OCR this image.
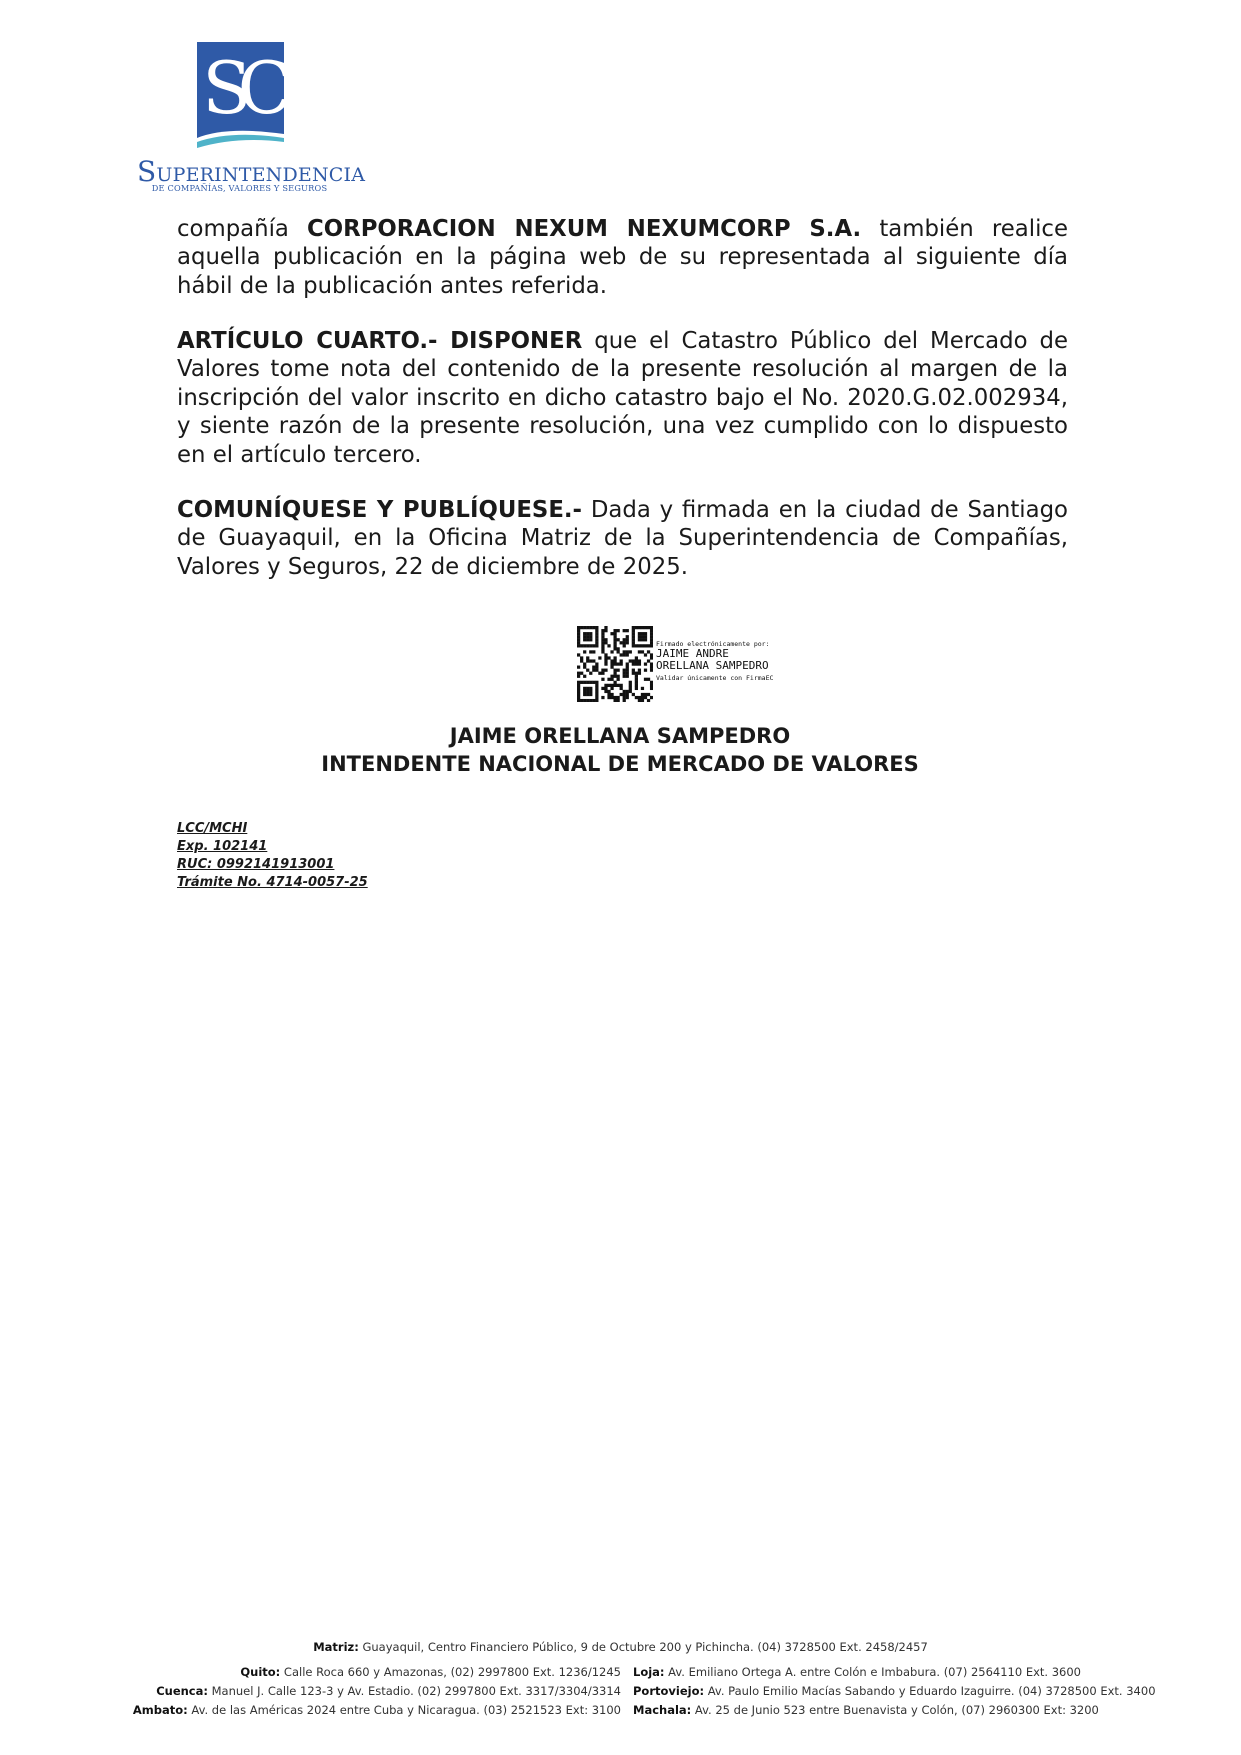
SC
SUPERINTENDENCIA
DE COMPAÑÍAS, VALORES Y SEGUROS
compañía CORPORACION NEXUM NEXUMCORP S.A. también realice aquella publicación en la página web de su representada al siguiente día hábil de la publicación antes referida.
ARTÍCULO CUARTO.- DISPONER que el Catastro Público del Mercado de Valores tome nota del contenido de la presente resolución al margen de la inscripción del valor inscrito en dicho catastro bajo el No. 2020.G.02.002934, y siente razón de la presente resolución, una vez cumplido con lo dispuesto en el artículo tercero.
COMUNÍQUESE Y PUBLÍQUESE.- Dada y firmada en la ciudad de Santiago de Guayaquil, en la Oficina Matriz de la Superintendencia de Compañías, Valores y Seguros, 22 de diciembre de 2025.
Firmado electrónicamente por:
JAIME ANDRE
ORELLANA SAMPEDRO
Validar únicamente con FirmaEC
JAIME ORELLANA SAMPEDRO
INTENDENTE NACIONAL DE MERCADO DE VALORES
LCC/MCHI
Exp. 102141
RUC: 0992141913001
Trámite No. 4714-0057-25
Matriz: Guayaquil, Centro Financiero Público, 9 de Octubre 200 y Pichincha. (04) 3728500 Ext. 2458/2457
Quito: Calle Roca 660 y Amazonas, (02) 2997800 Ext. 1236/1245 Loja: Av. Emiliano Ortega A. entre Colón e Imbabura. (07) 2564110 Ext. 3600
Cuenca: Manuel J. Calle 123-3 y Av. Estadio. (02) 2997800 Ext. 3317/3304/3314 Portoviejo: Av. Paulo Emilio Macías Sabando y Eduardo Izaguirre. (04) 3728500 Ext. 3400
Ambato: Av. de las Américas 2024 entre Cuba y Nicaragua. (03) 2521523 Ext: 3100 Machala: Av. 25 de Junio 523 entre Buenavista y Colón, (07) 2960300 Ext: 3200
